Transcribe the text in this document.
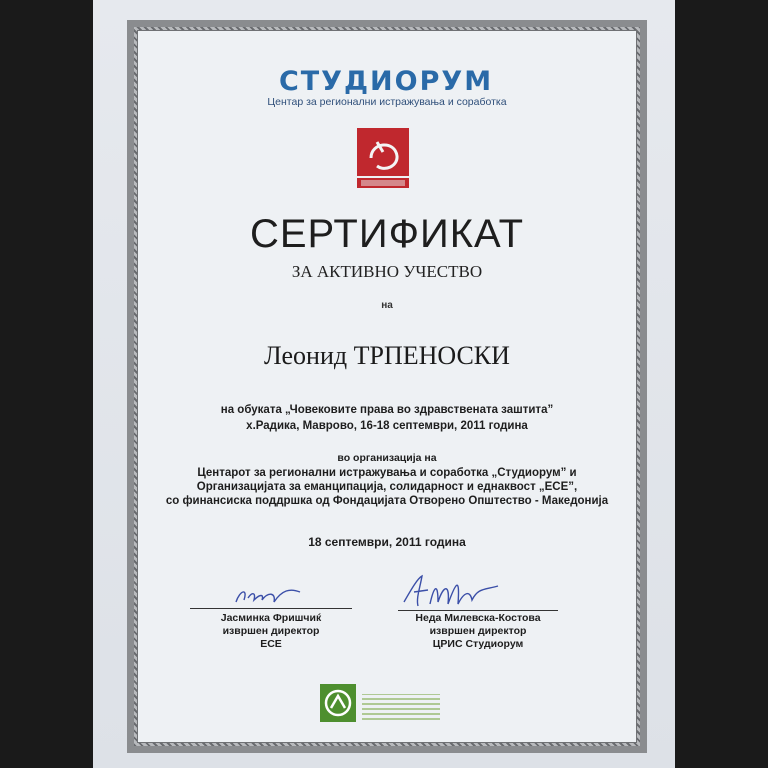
СТУДИОРУМ
Центар за регионални истражувања и соработка
СЕРТИФИКАТ
ЗА АКТИВНО УЧЕСТВО
на
Леонид ТРПЕНОСКИ
на обуката „Човековите права во здравствената заштита”
х.Радика, Маврово, 16-18 септември, 2011 година
во организација на
Центарот за регионални истражувања и соработка „Студиорум” и
Организацијата за еманципација, солидарност и еднаквост „ЕСЕ”,
со финансиска поддршка од Фондацијата Отворено Општество - Македонија
18 септември, 2011 година
Јасминка Фришчиќ
извршен директор
ЕСЕ
Неда Милевска-Костова
извршен директор
ЦРИС Студиорум
